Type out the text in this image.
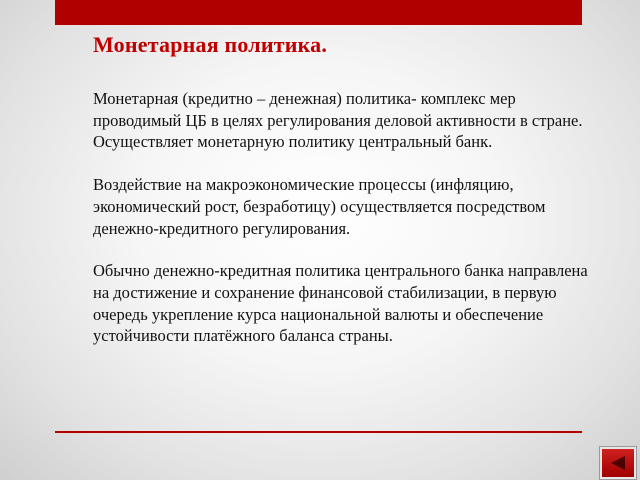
Монетарная политика.

Монетарная (кредитно – денежная) политика- комплекс мер проводимый ЦБ в целях регулирования деловой активности в стране. Осуществляет монетарную политику центральный банк.

Воздействие на макроэкономические процессы (инфляцию, экономический рост, безработицу) осуществляется посредством денежно-кредитного регулирования.

Обычно денежно-кредитная политика центрального банка направлена на достижение и сохранение финансовой стабилизации, в первую очередь укрепление курса национальной валюты и обеспечение устойчивости платёжного баланса страны.
